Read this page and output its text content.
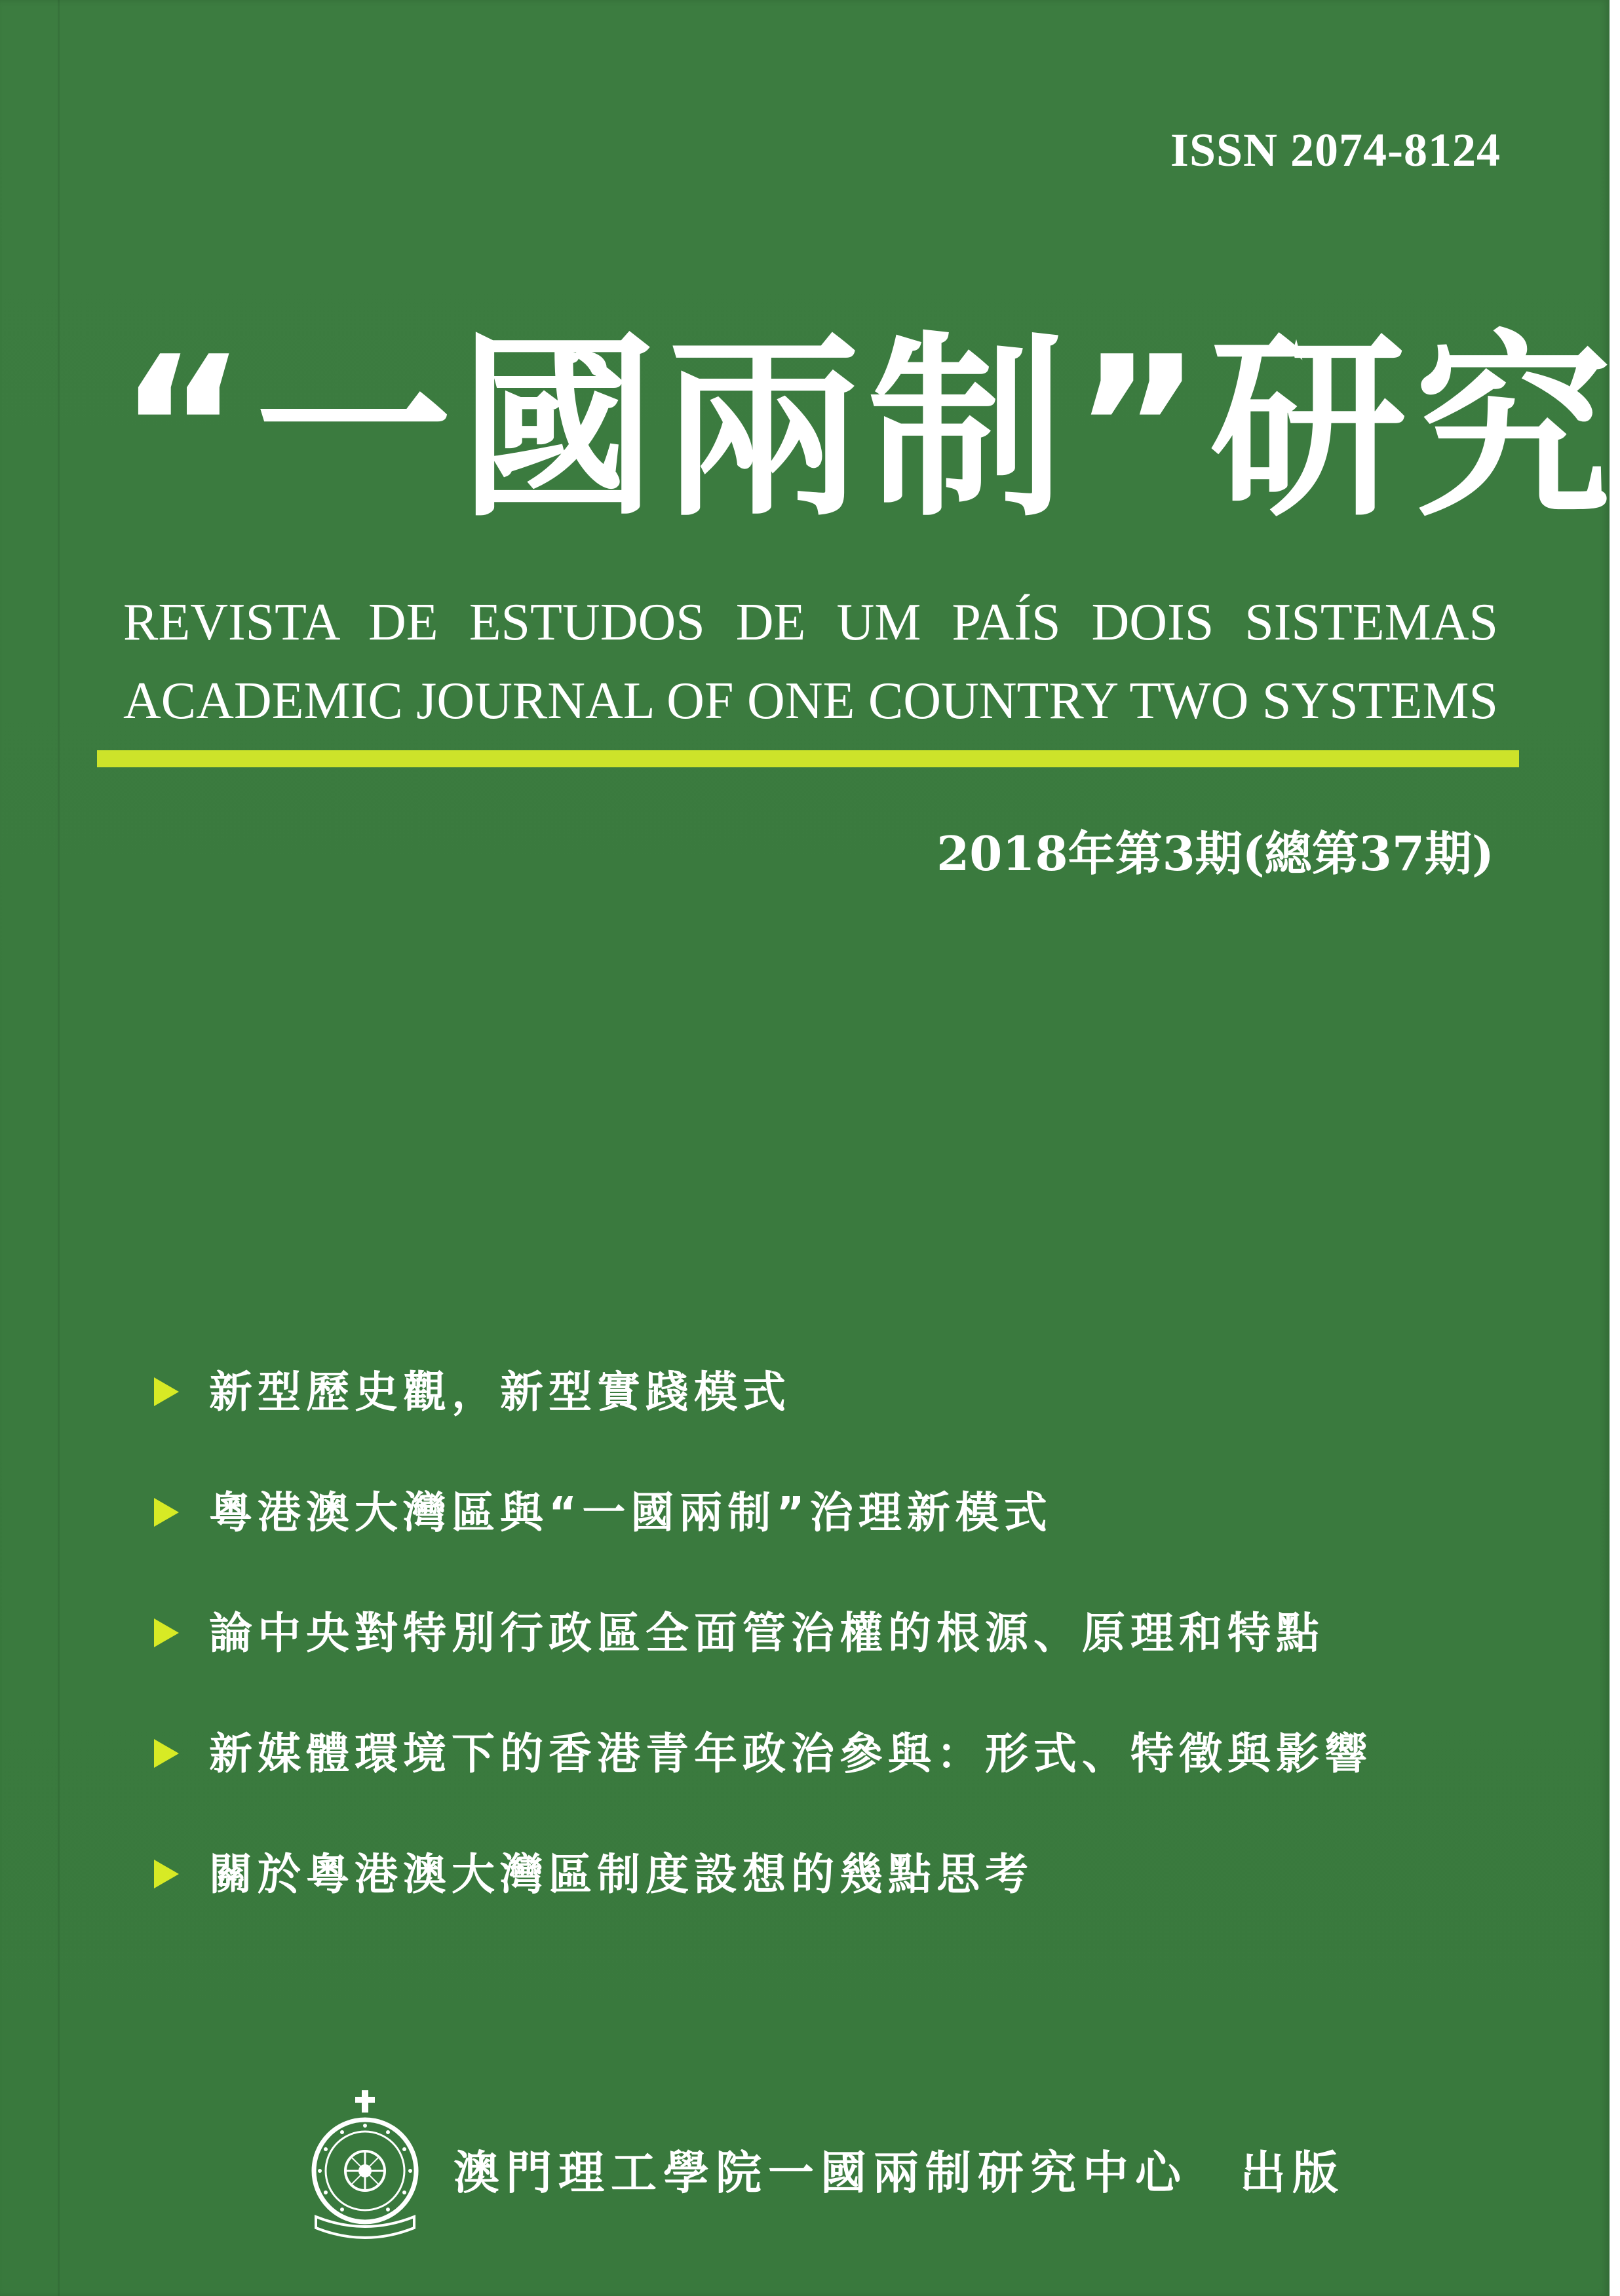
ISSN 2074-8124
“一國兩制”研究
REVISTA DE ESTUDOS DE UM PAÍS DOIS SISTEMAS
ACADEMIC JOURNAL OF ONE COUNTRY TWO SYSTEMS
2018年第3期(總第37期)
新型歷史觀，新型實踐模式
粵港澳大灣區與“一國兩制”治理新模式
論中央對特別行政區全面管治權的根源、原理和特點
新媒體環境下的香港青年政治參與：形式、特徵與影響
關於粵港澳大灣區制度設想的幾點思考
澳門理工學院一國兩制研究中心　出版
